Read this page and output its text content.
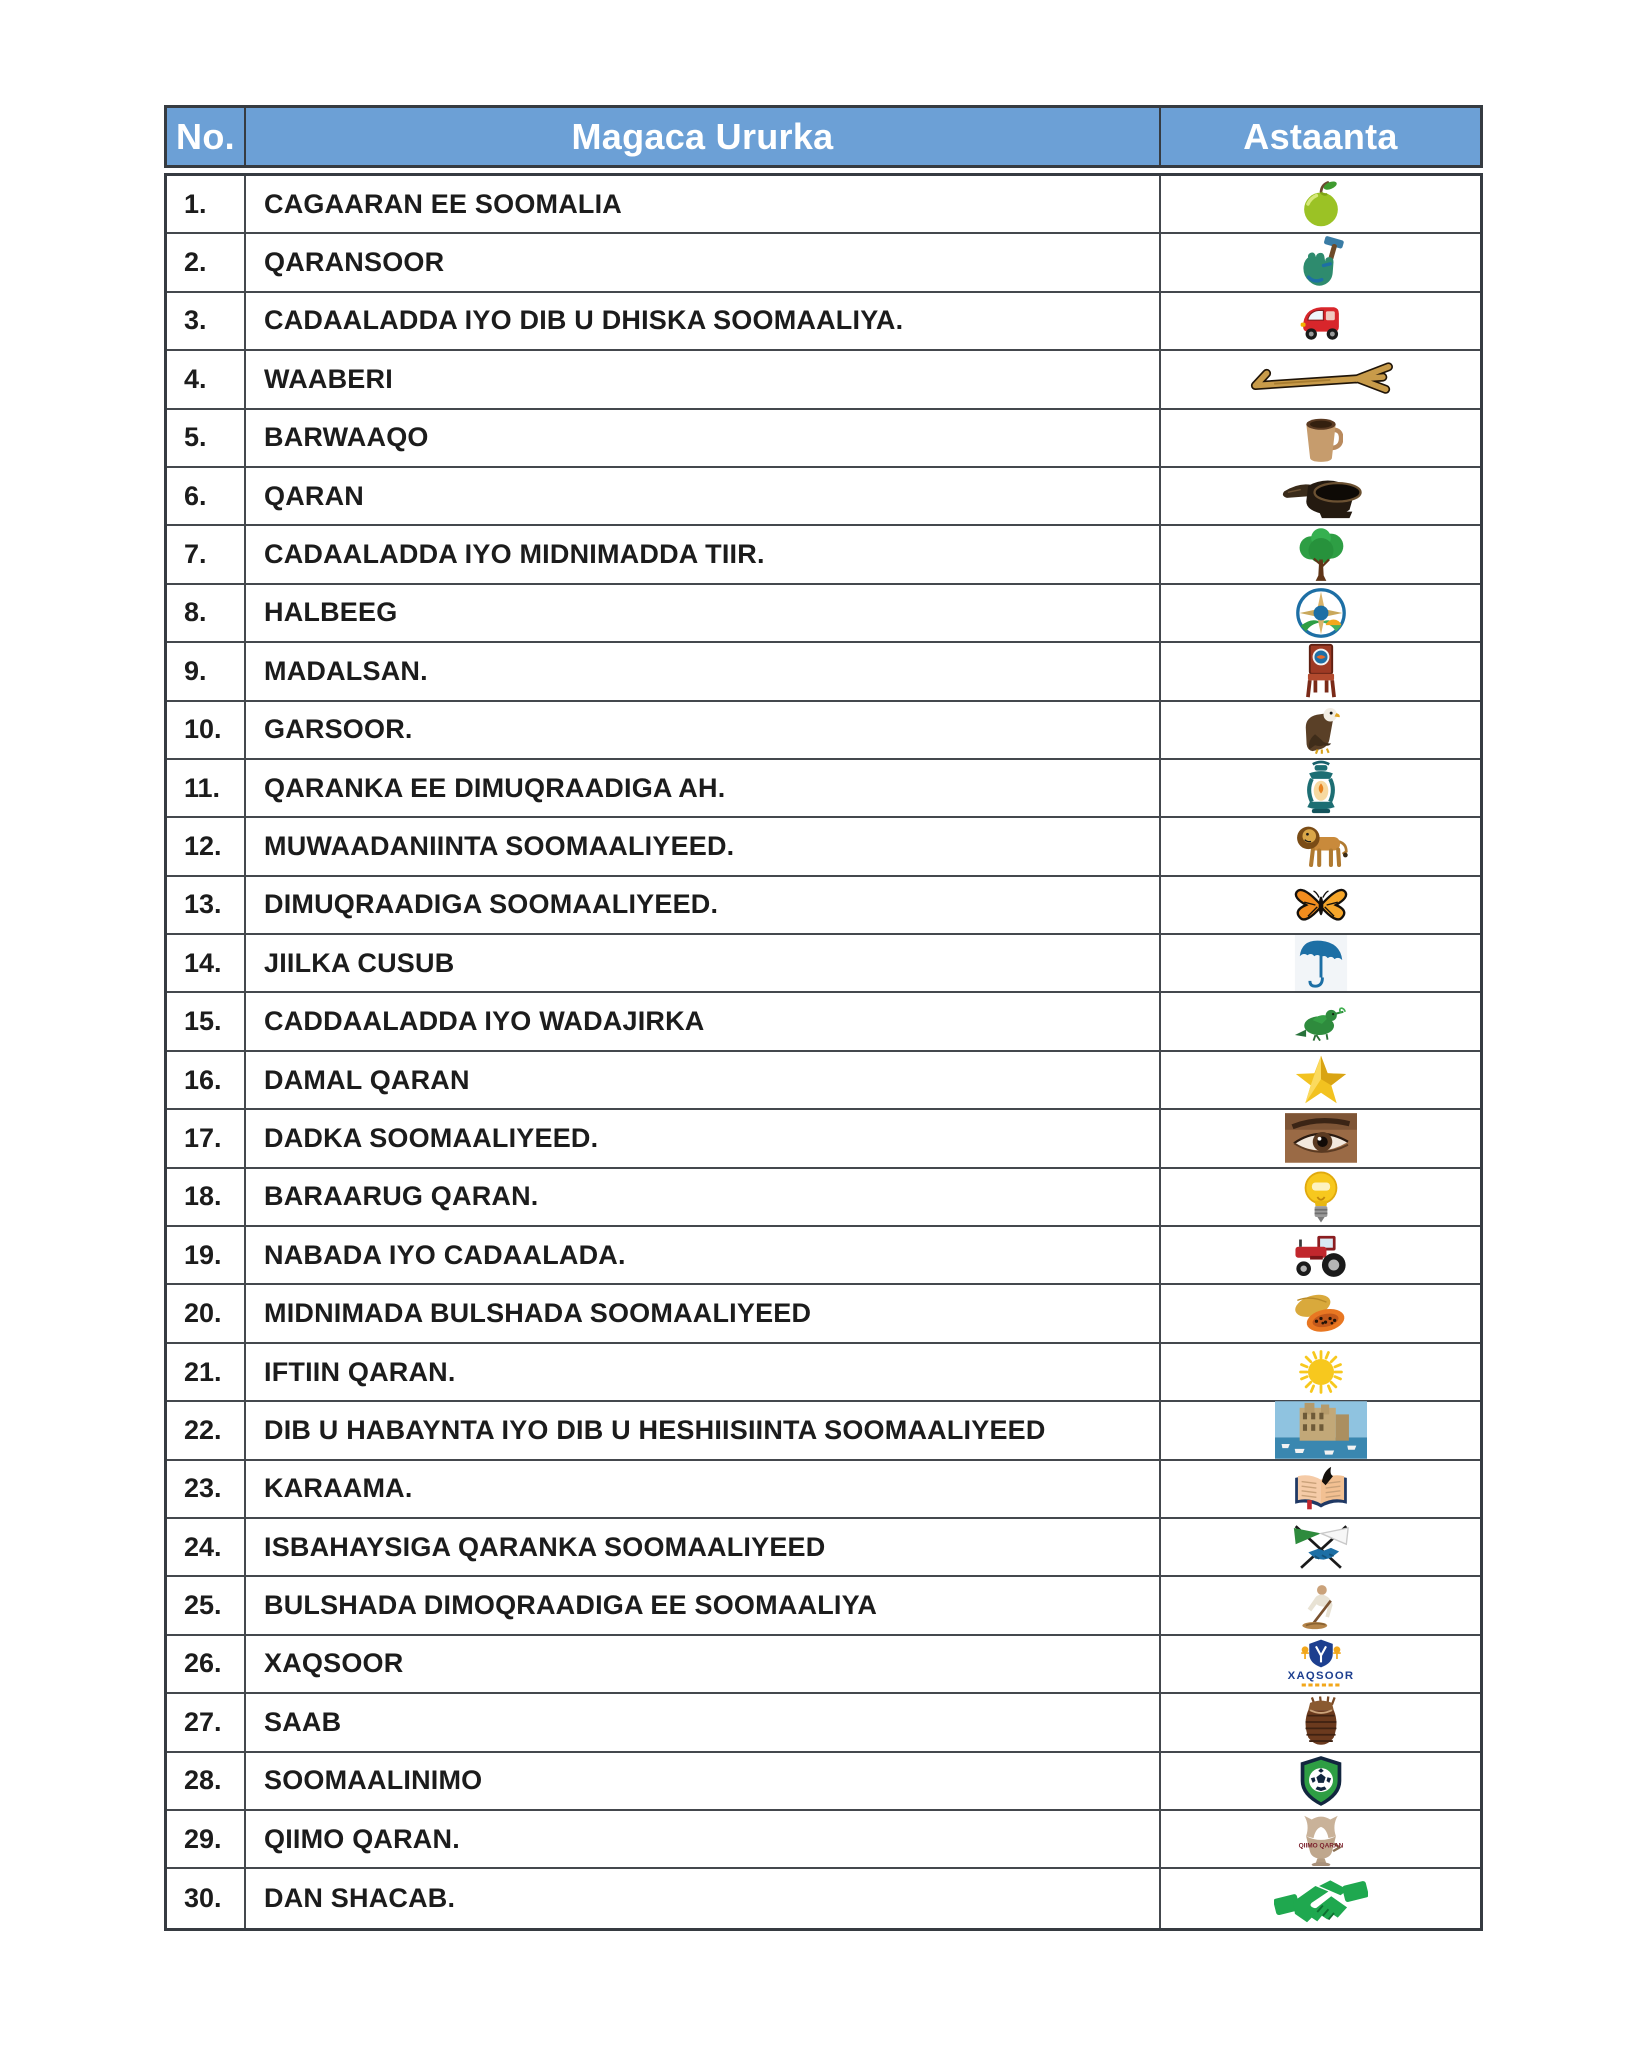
No.	Magaca Ururka	Astaanta
1. CAGAARAN EE SOOMALIA
2. QARANSOOR
3. CADAALADDA IYO DIB U DHISKA SOOMAALIYA.
4. WAABERI
5. BARWAAQO
6. QARAN
7. CADAALADDA IYO MIDNIMADDA TIIR.
8. HALBEEG
9. MADALSAN.
10. GARSOOR.
11. QARANKA EE DIMUQRAADIGA AH.
12. MUWAADANIINTA SOOMAALIYEED.
13. DIMUQRAADIGA SOOMAALIYEED.
14. JIILKA CUSUB
15. CADDAALADDA IYO WADAJIRKA
16. DAMAL QARAN
17. DADKA SOOMAALIYEED.
18. BARAARUG QARAN.
19. NABADA IYO CADAALADA.
20. MIDNIMADA BULSHADA SOOMAALIYEED
21. IFTIIN QARAN.
22. DIB U HABAYNTA IYO DIB U HESHIISIINTA SOOMAALIYEED
23. KARAAMA.
24. ISBAHAYSIGA QARANKA SOOMAALIYEED
25. BULSHADA DIMOQRAADIGA EE SOOMAALIYA
26. XAQSOOR	XAQSOOR
27. SAAB
28. SOOMAALINIMO
29. QIIMO QARAN.	QIIMO QARAN
30. DAN SHACAB.
